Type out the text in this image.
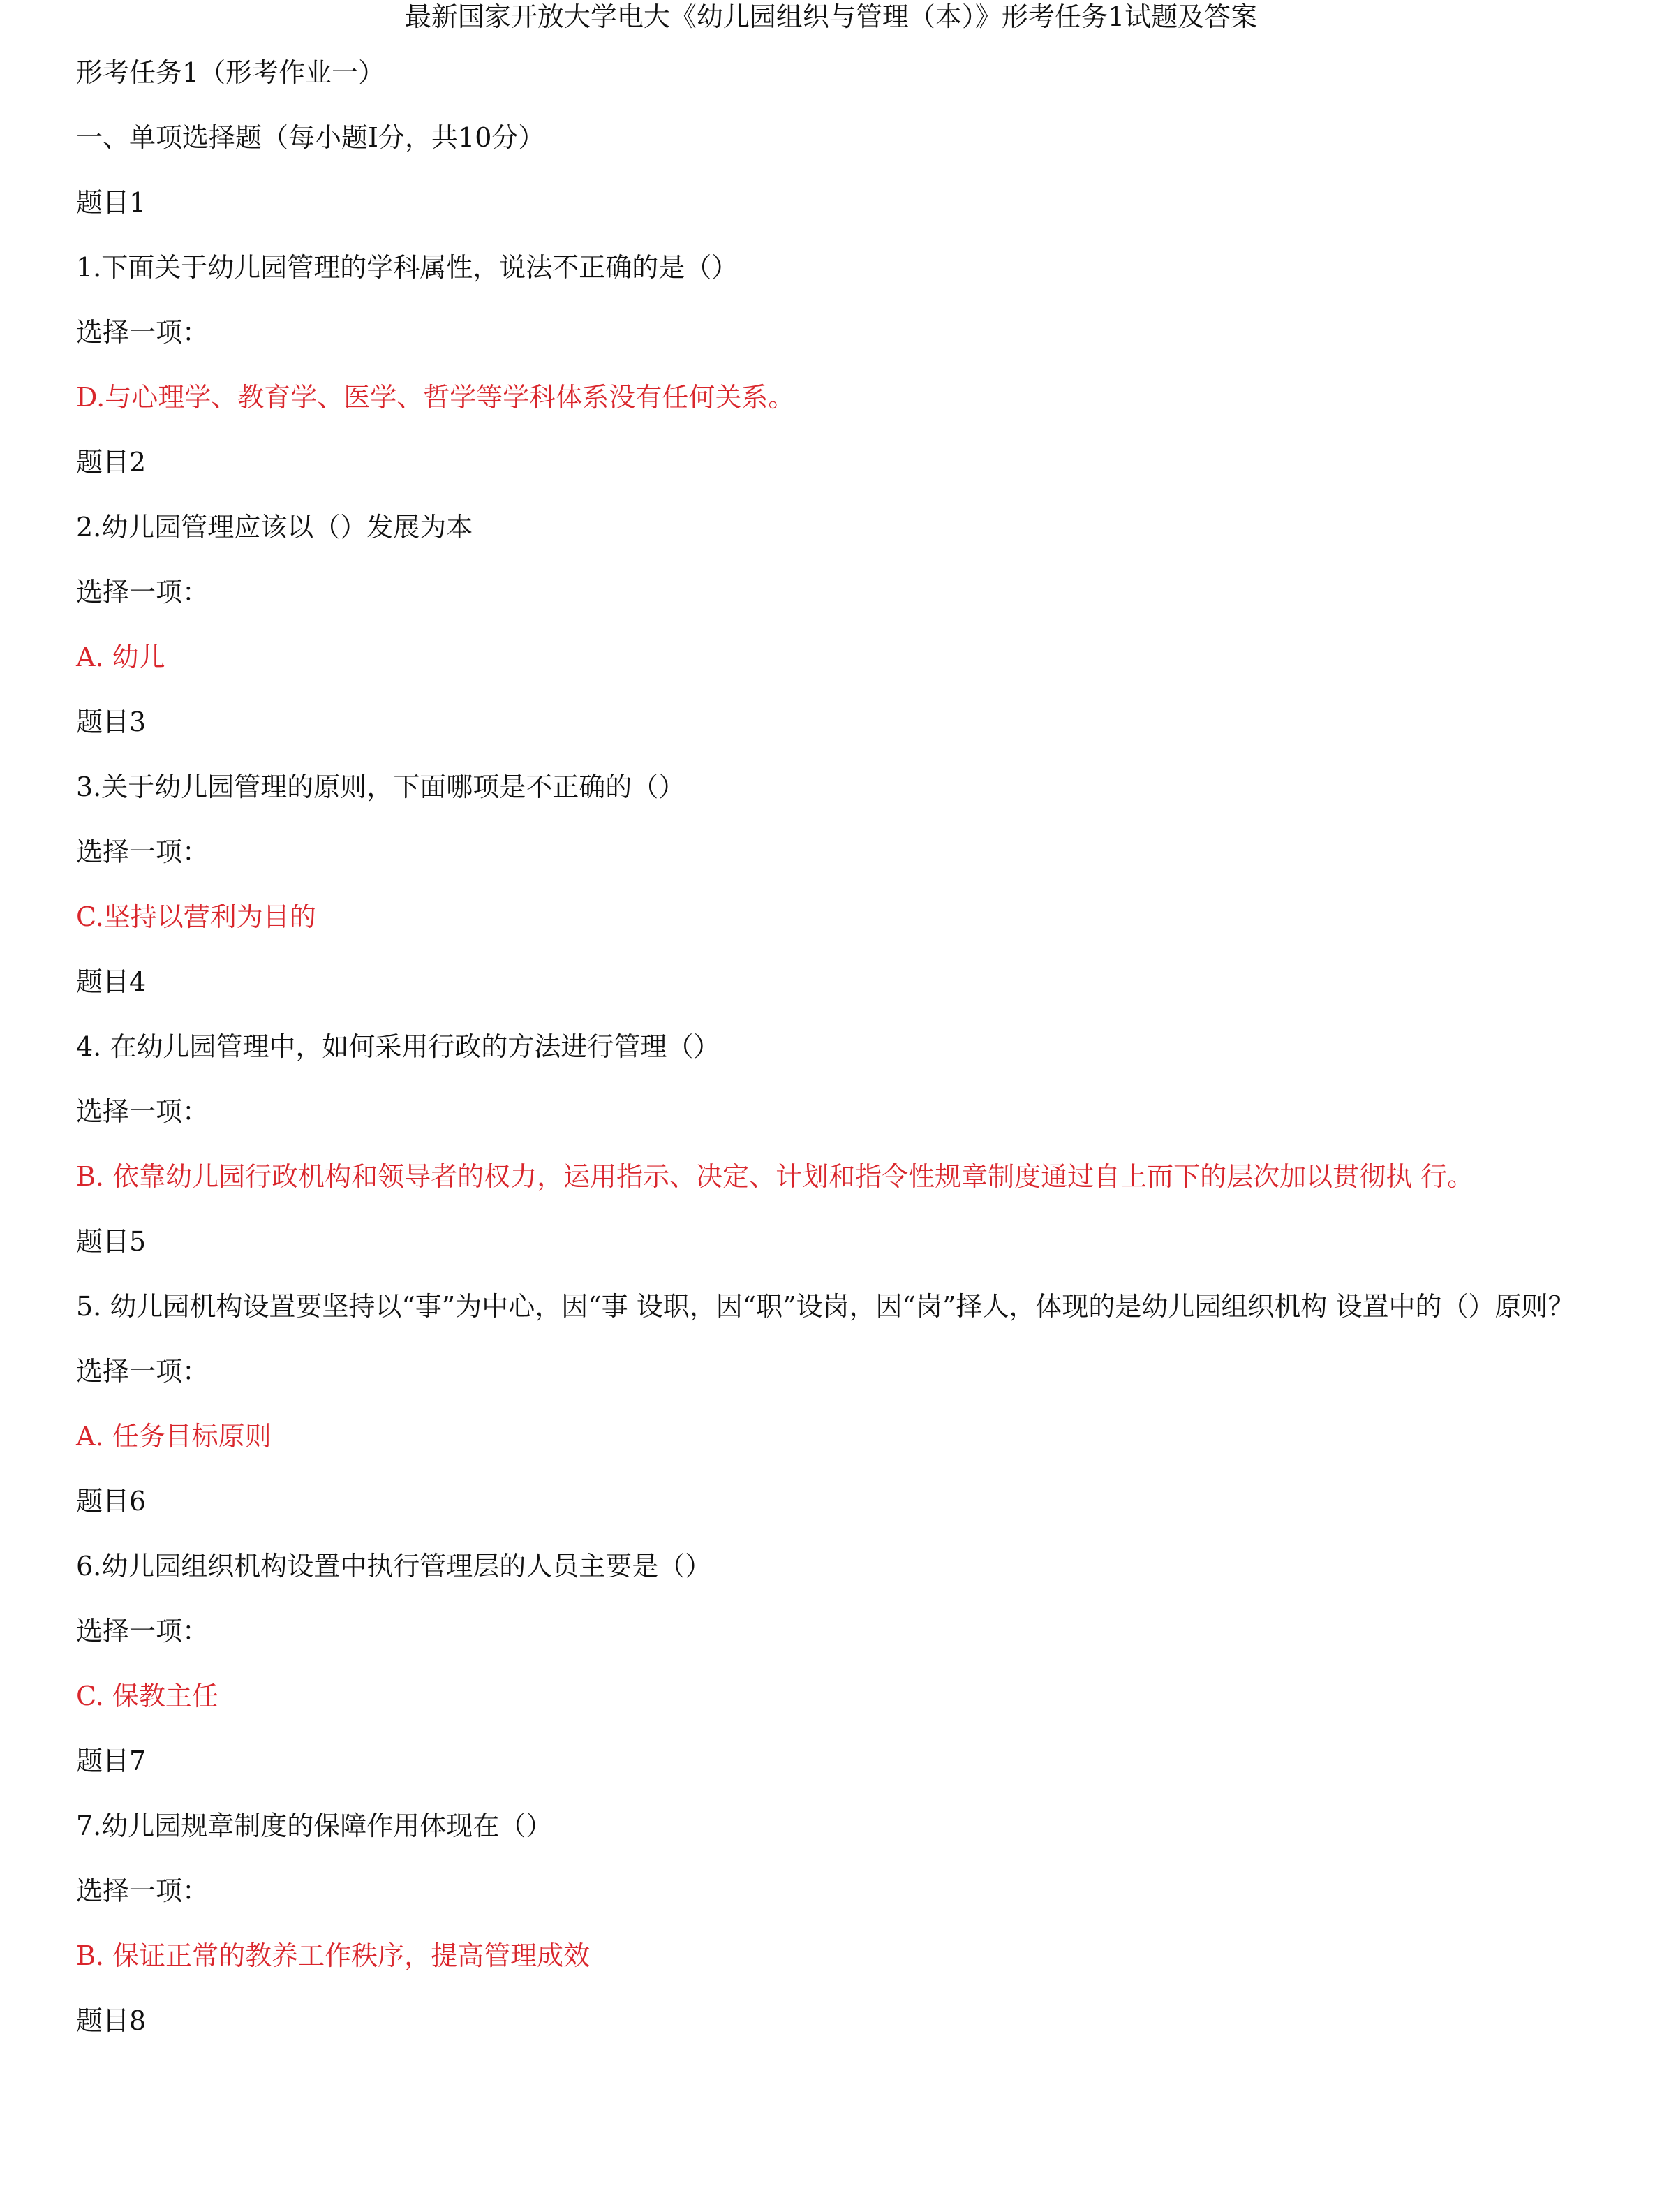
最新国家开放大学电大《幼儿园组织与管理（本）》形考任务1试题及答案

形考任务1（形考作业一）

一、单项选择题（每小题I分，共10分）

题目1

1.下面关于幼儿园管理的学科属性，说法不正确的是（）

选择一项：

D.与心理学、教育学、医学、哲学等学科体系没有任何关系。

题目2

2.幼儿园管理应该以（）发展为本

选择一项：

A. 幼儿

题目3

3.关于幼儿园管理的原则，下面哪项是不正确的（）

选择一项：

C.坚持以营利为目的

题目4

4. 在幼儿园管理中，如何采用行政的方法进行管理（）

选择一项：

B. 依靠幼儿园行政机构和领导者的权力，运用指示、决定、计划和指令性规章制度通过自上而下的层次加以贯彻执 行。

题目5

5. 幼儿园机构设置要坚持以“事”为中心，因“事 设职，因“职”设岗，因“岗”择人，体现的是幼儿园组织机构 设置中的（）原则？

选择一项：

A. 任务目标原则

题目6

6.幼儿园组织机构设置中执行管理层的人员主要是（）

选择一项：

C. 保教主任

题目7

7.幼儿园规章制度的保障作用体现在（）

选择一项：

B. 保证正常的教养工作秩序，提高管理成效

题目8
